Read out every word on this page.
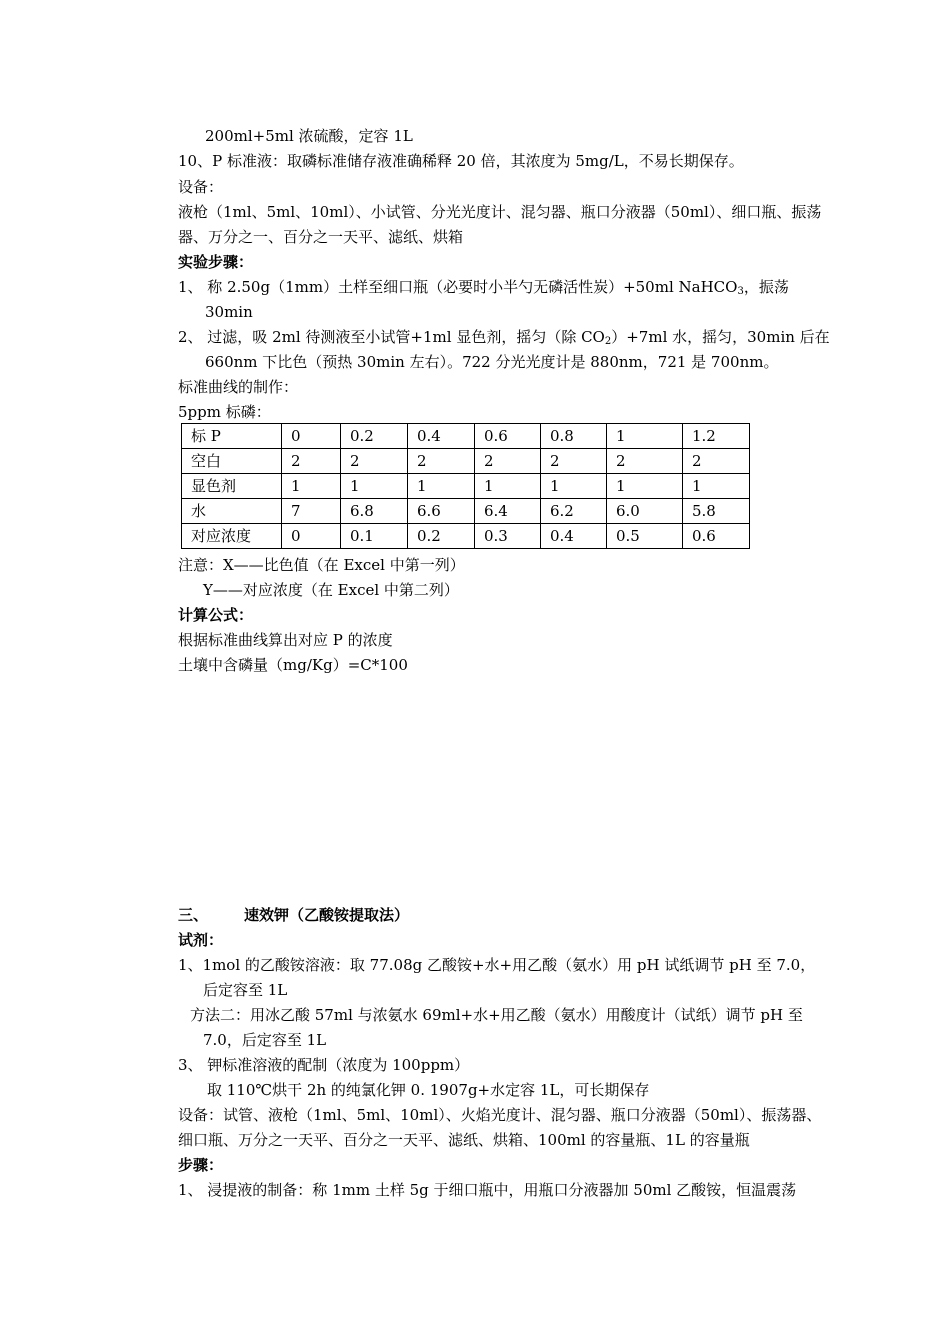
200ml+5ml 浓硫酸，定容 1L
10、P 标准液：取磷标准储存液准确稀释 20 倍，其浓度为 5mg/L，不易长期保存。
设备：
液枪（1ml、5ml、10ml）、小试管、分光光度计、混匀器、瓶口分液器（50ml）、细口瓶、振荡
器、万分之一、百分之一天平、滤纸、烘箱
实验步骤：
1、 称 2.50g（1mm）土样至细口瓶（必要时小半勺无磷活性炭）+50ml NaHCO$_3$，振荡
30min
2、 过滤，吸 2ml 待测液至小试管+1ml 显色剂，摇匀（除 $CO_2)+7ml$ 水，摇匀，30min 后在
660nm 下比色（预热 30min 左右）。722 分光光度计是 880nm，721 是 700nm。
标准曲线的制作：
5ppm 标磷：
标 P	0	0.2	0.4	0.6	0.8	1	1.2
空白	2	2	2	2	2	2	2
显色剂	1	1	1	1	1	1	1
水	7	6.8	6.6	6.4	6.2	6.0	5.8
对应浓度	0	0.1	0.2	0.3	0.4	0.5	0.6
注意：X——比色值（在 Excel 中第一列）
Y——对应浓度（在 Excel 中第二列）
计算公式：
根据标准曲线算出对应 P 的浓度
土壤中含磷量（mg/Kg）=C*100
三、 速效钾（乙酸铵提取法）
试剂：
1、1mol 的乙酸铵溶液：取 77.08g 乙酸铵+水+用乙酸（氨水）用 pH 试纸调节 pH 至 7.0，
后定容至 1L
方法二：用冰乙酸 57ml 与浓氨水 69ml+水+用乙酸（氨水）用酸度计（试纸）调节 pH 至
7.0，后定容至 1L
3、 钾标准溶液的配制（浓度为 100ppm）
取 110℃烘干 2h 的纯氯化钾 0. 1907g+水定容 1L，可长期保存
设备：试管、液枪（1ml、5ml、10ml）、火焰光度计、混匀器、瓶口分液器（50ml）、振荡器、
细口瓶、万分之一天平、百分之一天平、滤纸、烘箱、100ml 的容量瓶、1L 的容量瓶
步骤：
1、 浸提液的制备：称 1mm 土样 5g 于细口瓶中，用瓶口分液器加 50ml 乙酸铵，恒温震荡
